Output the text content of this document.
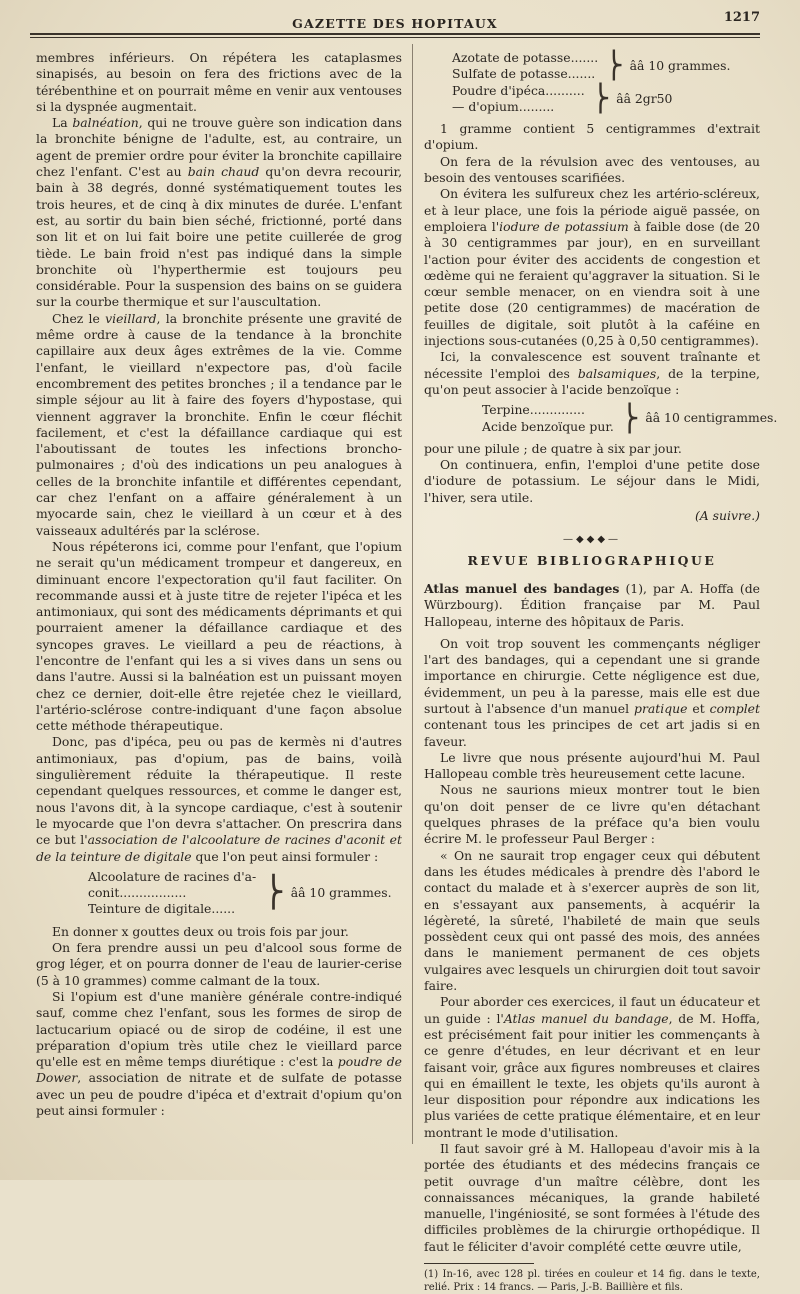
GAZETTE DES HOPITAUX	1217

membres inférieurs. On répétera les cataplasmes sinapisés, au besoin on fera des frictions avec de la térébenthine et on pourrait même en venir aux ventouses si la dyspnée augmentait.

La balnéation, qui ne trouve guère son indication dans la bronchite bénigne de l'adulte, est, au contraire, un agent de premier ordre pour éviter la bronchite capillaire chez l'enfant. C'est au bain chaud qu'on devra recourir, bain à 38 degrés, donné systématiquement toutes les trois heures, et de cinq à dix minutes de durée. L'enfant est, au sortir du bain bien séché, frictionné, porté dans son lit et on lui fait boire une petite cuillerée de grog tiède. Le bain froid n'est pas indiqué dans la simple bronchite où l'hyperthermie est toujours peu considérable. Pour la suspension des bains on se guidera sur la courbe thermique et sur l'auscultation.

Chez le vieillard, la bronchite présente une gravité de même ordre à cause de la tendance à la bronchite capillaire aux deux âges extrêmes de la vie. Comme l'enfant, le vieillard n'expectore pas, d'où facile encombrement des petites bronches ; il a tendance par le simple séjour au lit à faire des foyers d'hypostase, qui viennent aggraver la bronchite. Enfin le cœur fléchit facilement, et c'est la défaillance cardiaque qui est l'aboutissant de toutes les infections broncho-pulmonaires ; d'où des indications un peu analogues à celles de la bronchite infantile et différentes cependant, car chez l'enfant on a affaire généralement à un myocarde sain, chez le vieillard à un cœur et à des vaisseaux adultérés par la sclérose.

Nous répéterons ici, comme pour l'enfant, que l'opium ne serait qu'un médicament trompeur et dangereux, en diminuant encore l'expectoration qu'il faut faciliter. On recommande aussi et à juste titre de rejeter l'ipéca et les antimoniaux, qui sont des médicaments déprimants et qui pourraient amener la défaillance cardiaque et des syncopes graves. Le vieillard a peu de réactions, à l'encontre de l'enfant qui les a si vives dans un sens ou dans l'autre. Aussi si la balnéation est un puissant moyen chez ce dernier, doit-elle être rejetée chez le vieillard, l'artério-sclérose contre-indiquant d'une façon absolue cette méthode thérapeutique.

Donc, pas d'ipéca, peu ou pas de kermès ni d'autres antimoniaux, pas d'opium, pas de bains, voilà singulièrement réduite la thérapeutique. Il reste cependant quelques ressources, et comme le danger est, nous l'avons dit, à la syncope cardiaque, c'est à soutenir le myocarde que l'on devra s'attacher. On prescrira dans ce but l'association de l'alcoolature de racines d'aconit et de la teinture de digitale que l'on peut ainsi formuler :

Alcoolature de racines d'a-
conit.................
Teinture de digitale...... ⎬ ââ 10 grammes.

En donner x gouttes deux ou trois fois par jour.

On fera prendre aussi un peu d'alcool sous forme de grog léger, et on pourra donner de l'eau de laurier-cerise (5 à 10 grammes) comme calmant de la toux.

Si l'opium est d'une manière générale contre-indiqué sauf, comme chez l'enfant, sous les formes de sirop de lactucarium opiacé ou de sirop de codéine, il est une préparation d'opium très utile chez le vieillard parce qu'elle est en même temps diurétique : c'est la poudre de Dower, association de nitrate et de sulfate de potasse avec un peu de poudre d'ipéca et d'extrait d'opium qu'on peut ainsi formuler :

Azotate de potasse.......
Sulfate de potasse....... ⎬ ââ 10 grammes.
Poudre d'ipéca..........
— d'opium.........	⎬ ââ 2gr50

1 gramme contient 5 centigrammes d'extrait d'opium.

On fera de la révulsion avec des ventouses, au besoin des ventouses scarifiées.

On évitera les sulfureux chez les artério-scléreux, et à leur place, une fois la période aiguë passée, on emploiera l'iodure de potassium à faible dose (de 20 à 30 centigrammes par jour), en en surveillant l'action pour éviter des accidents de congestion et œdème qui ne feraient qu'aggraver la situation. Si le cœur semble menacer, on en viendra soit à une petite dose (20 centigrammes) de macération de feuilles de digitale, soit plutôt à la caféine en injections sous-cutanées (0,25 à 0,50 centigrammes).

Ici, la convalescence est souvent traînante et nécessite l'emploi des balsamiques, de la terpine, qu'on peut associer à l'acide benzoïque :

Terpine..............
Acide benzoïque pur. ⎬ ââ 10 centigrammes.

pour une pilule ; de quatre à six par jour.

On continuera, enfin, l'emploi d'une petite dose d'iodure de potassium. Le séjour dans le Midi, l'hiver, sera utile.

(A suivre.)
—◆◆◆—
REVUE BIBLIOGRAPHIQUE

Atlas manuel des bandages (1), par A. Hoffa (de Würzbourg). Édition française par M. Paul Hallopeau, interne des hôpitaux de Paris.

On voit trop souvent les commençants négliger l'art des bandages, qui a cependant une si grande importance en chirurgie. Cette négligence est due, évidemment, un peu à la paresse, mais elle est due surtout à l'absence d'un manuel pratique et complet contenant tous les principes de cet art jadis si en faveur.

Le livre que nous présente aujourd'hui M. Paul Hallopeau comble très heureusement cette lacune.

Nous ne saurions mieux montrer tout le bien qu'on doit penser de ce livre qu'en détachant quelques phrases de la préface qu'a bien voulu écrire M. le professeur Paul Berger :

« On ne saurait trop engager ceux qui débutent dans les études médicales à prendre dès l'abord le contact du malade et à s'exercer auprès de son lit, en s'essayant aux pansements, à acquérir la légèreté, la sûreté, l'habileté de main que seuls possèdent ceux qui ont passé des mois, des années dans le maniement permanent de ces objets vulgaires avec lesquels un chirurgien doit tout savoir faire.

Pour aborder ces exercices, il faut un éducateur et un guide : l'Atlas manuel du bandage, de M. Hoffa, est précisément fait pour initier les commençants à ce genre d'études, en leur décrivant et en leur faisant voir, grâce aux figures nombreuses et claires qui en émaillent le texte, les objets qu'ils auront à leur disposition pour répondre aux indications les plus variées de cette pratique élémentaire, et en leur montrant le mode d'utilisation.

Il faut savoir gré à M. Hallopeau d'avoir mis à la portée des étudiants et des médecins français ce petit ouvrage d'un maître célèbre, dont les connaissances mécaniques, la grande habileté manuelle, l'ingéniosité, se sont formées à l'étude des difficiles problèmes de la chirurgie orthopédique. Il faut le féliciter d'avoir complété cette œuvre utile,

(1) In-16, avec 128 pl. tirées en couleur et 14 fig. dans le texte, relié. Prix : 14 francs. — Paris, J.-B. Baillière et fils.
